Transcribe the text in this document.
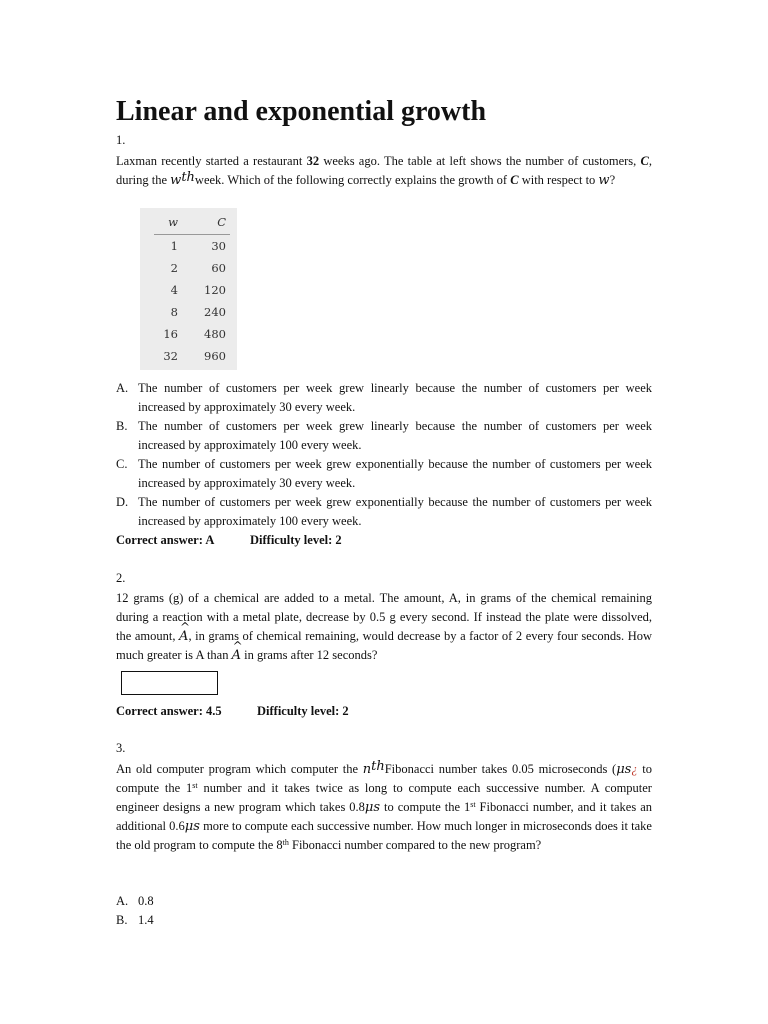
Linear and exponential growth
1.

Laxman recently started a restaurant 32 weeks ago. The table at left shows the number of customers, C, during the $w^{th}week$. Which of the following correctly explains the growth of C with respect to w?

w	C
1	30
2	60
4	120
8	240
16	480
32	960
A. The number of customers per week grew linearly because the number of customers per week increased by approximately 30 every week.
B. The number of customers per week grew linearly because the number of customers per week increased by approximately 100 every week.
C. The number of customers per week grew exponentially because the number of customers per week increased by approximately 30 every week.
D. The number of customers per week grew exponentially because the number of customers per week increased by approximately 100 every week.
Correct answer: A	Difficulty level: 2
2.

12 grams (g) of a chemical are added to a metal. The amount, A, in grams of the chemical remaining during a reaction with a metal plate, decrease by 0.5 g every second. If instead the plate were dissolved, the amount, ^ A, in grams of chemical remaining, would decrease by a factor of 2 every four seconds. How much greater is A than ^ A in grams after 12 seconds?

Correct answer: 4.5	Difficulty level: 2
3.

An old computer program which computer the $n^{th}Fibonacci$ number takes 0.05 microseconds (μs¿ to compute the 1st number and it takes twice as long to compute each successive number. A computer engineer designs a new program which takes 0.8μs to compute the 1st Fibonacci number, and it takes an additional 0.6μs more to compute each successive number. How much longer in microseconds does it take the old program to compute the 8th Fibonacci number compared to the new program?

A. 0.8
B. 1.4
